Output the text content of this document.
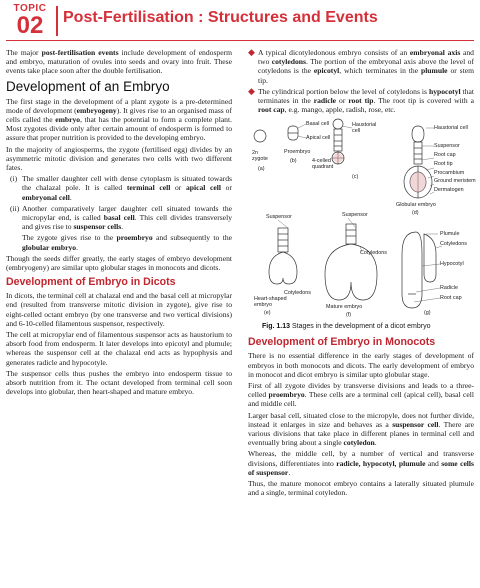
TOPIC
02	Post-Fertilisation : Structures and Events

The major post-fertilisation events include development of endosperm and embryo, maturation of ovules into seeds and ovary into fruit. These events take place soon after the double fertilisation.

Development of an Embryo

The first stage in the development of a plant zygote is a pre-determined mode of development (embryogeny). It gives rise to an organised mass of cells called the embryo, that has the potential to form a complete plant. Most zygotes divide only after certain amount of endosperm is formed to assure that proper nutrition is provided to the developing embryo.

In the majority of angiosperms, the zygote (fertilised egg) divides by an asymmetric mitotic division and generates two cells with two different fates.

(i) The smaller daughter cell with dense cytoplasm is situated towards the chalazal pole. It is called terminal cell or apical cell or embryonal cell.
(ii) Another comparatively larger daughter cell situated towards the micropylar end, is called basal cell. This cell divides transversely and gives rise to suspensor cells.

The zygote gives rise to the proembryo and subsequently to the globular embryo.

Though the seeds differ greatly, the early stages of embryo development (embryogeny) are similar upto globular stages in monocots and dicots.

Development of Embryo in Dicots

In dicots, the terminal cell at chalazal end and the basal cell at micropylar end (resulted from transverse mitotic division in zygote), give rise to eight-celled octant embryo (by one transverse and two vertical divisions) and 6-10-celled filamentous suspensor, respectively.

The cell at micropylar end of filamentous suspensor acts as haustorium to absorb food from endosperm. It later develops into epicotyl and plumule; whereas the suspensor cell at the chalazal end acts as hypophysis and generates radicle and hypocotyle.

The suspensor cells thus pushes the embryo into endosperm tissue to absorb nutrition from it. The octant developed from terminal cell soon develops into globular, then heart-shaped and mature embryo.

◆ A typical dicotyledonous embryo consists of an embryonal axis and two cotyledons. The portion of the embryonal axis above the level of cotyledons is the epicotyl, which terminates in the plumule or stem tip.
◆ The cylindrical portion below the level of cotyledons is hypocotyl that terminates in the radicle or root tip. The root tip is covered with a root cap, e.g. mango, apple, radish, rose, etc.
2n
zygote
(a)
Basal cell
Apical cell
Proembryo
(b)	4-celled
quadrant
(c)
Haustorial
cell	Haustorial cell
Suspensor
Root cap
Root tip
Procambium
Ground meristem
Dermatogen
Globular embryo
(d)
Suspensor	Suspensor
Cotyledons
Cotyledons
Heart-shaped
embryo
(e)
Mature embryo
(f)
Plumule
Cotyledons
Hypocotyl
Radicle
Root cap
(g)
Fig. 1.13 Stages in the development of a dicot embryo
Development of Embryo in Monocots

There is no essential difference in the early stages of development of embryos in both monocots and dicots. The early development of embryo in monocot and dicot embryo is similar upto globular stage.

First of all zygote divides by transverse divisions and leads to a three-celled proembryo. These cells are a terminal cell (apical cell), basal cell and middle cell.

Larger basal cell, situated close to the micropyle, does not further divide, instead it enlarges in size and behaves as a suspensor cell. There are various divisions that take place in different planes in terminal cell and eventually bring about a single cotyledon.

Whereas, the middle cell, by a number of vertical and transverse divisions, differentiates into radicle, hypocotyl, plumule and some cells of suspensor.

Thus, the mature monocot embryo contains a laterally situated plumule and a single, terminal cotyledon.
